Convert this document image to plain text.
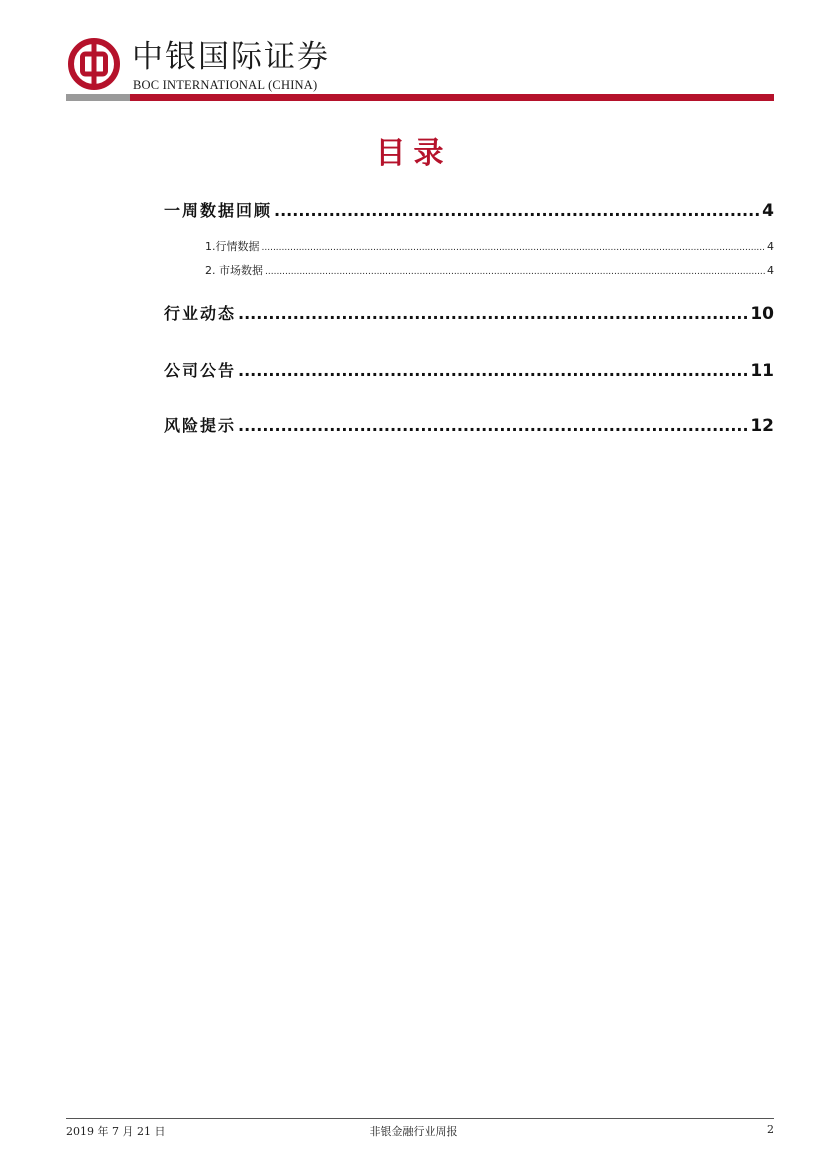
中银国际证券
BOC INTERNATIONAL (CHINA)
目录
一周数据回顾 .....	4
1.行情数据 .....	4
2. 市场数据 .....	4
行业动态 .....	10
公司公告 .....	11
风险提示 .....	12
2019 年 7 月 21 日	非银金融行业周报	2
